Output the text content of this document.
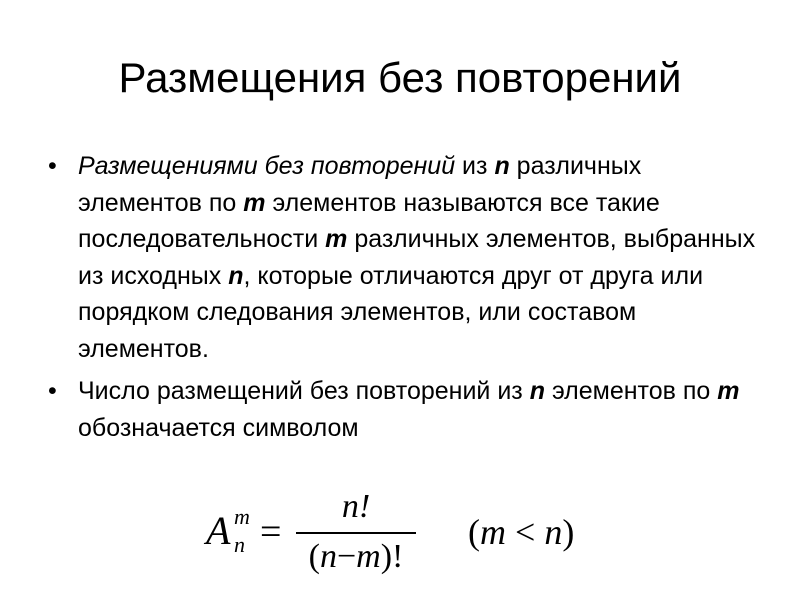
Размещения без повторений
• Размещениями без повторений из n различных элементов по m элементов называются все такие последовательности m различных элементов, выбранных из исходных n, которые отличаются друг от друга или порядком следования элементов, или составом элементов.
• Число размещений без повторений из n элементов по m обозначается символом
A m
n =
n!
(n−m)!
(m < n)
